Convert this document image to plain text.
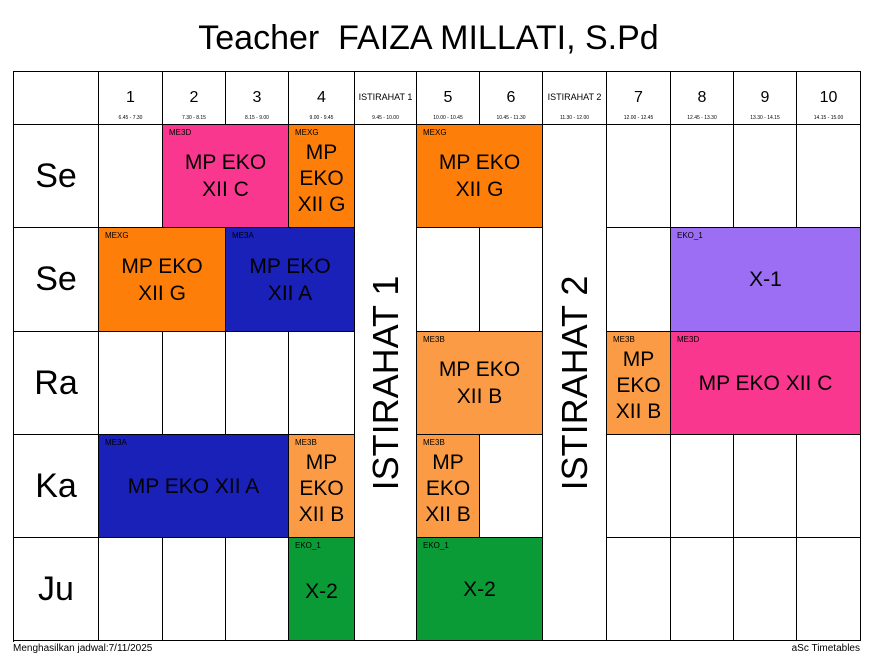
Teacher  FAIZA MILLATI, S.Pd
1
6.45 - 7.30
2
7.30 - 8.15
3
8.15 - 9.00
4
9.00 - 9.45
ISTIRAHAT 1
9.45 - 10.00
5
10.00 - 10.45
6
10.45 - 11.30
ISTIRAHAT 2
11.30 - 12.00
7
12.00 - 12.45
8
12.45 - 13.30
9
13.30 - 14.15
10
14.15 - 15.00
Se
Se
Ra
Ka
Ju
ISTIRAHAT 1	ISTIRAHAT 2
ME3D
MP EKO XII C
MEXG
MP EKO XII G
MEXG
MP EKO XII G
MEXG
MP EKO XII G
ME3A
MP EKO XII A
EKO_1
X-1
ME3B
MP EKO XII B
ME3B
MP EKO XII B
ME3D
MP EKO XII C
ME3A
MP EKO XII A
ME3B
MP EKO XII B
ME3B
MP EKO XII B
EKO_1
X-2
EKO_1
X-2
Menghasilkan jadwal:7/11/2025	aSc Timetables
